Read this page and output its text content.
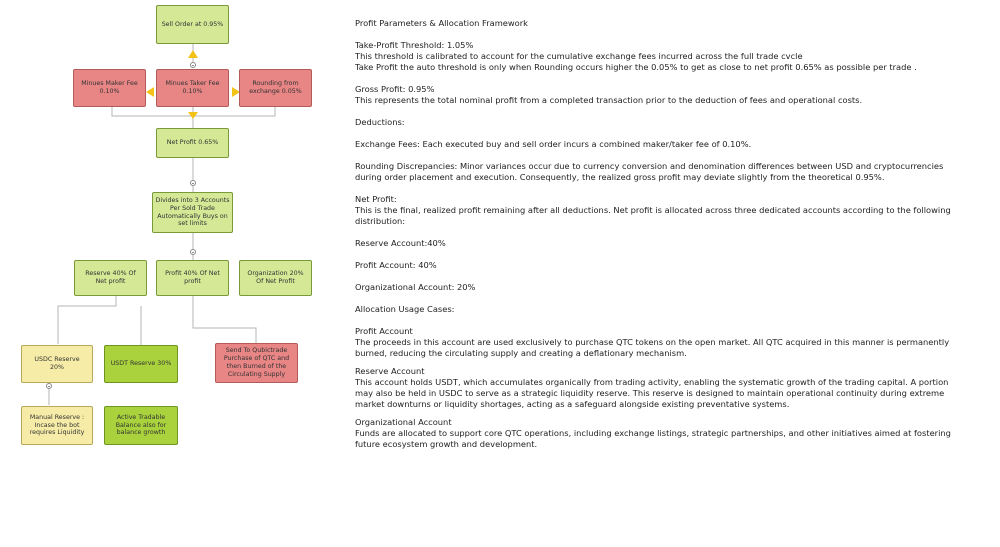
Sell Order at 0.95%
Minues Maker Fee
0.10%
Minues Taker Fee
0.10%
Rounding from
exchange 0.05%
Net Profit 0.65%
Divides into 3 Accounts
Per Sold Trade
Automatically Buys on
set limits
Reserve 40% Of
Net profit
Profit 40% Of Net
profit
Organization 20%
Of Net Profit
USDC Reserve
20%
USDT Reserve 30%
Send To Qubictrade
Purchase of QTC and
then Burned of the
Circulating Supply
Manual Reserve :
Incase the bot
requires Liquidity
Active Tradable
Balance also for
balance growth

Profit Parameters & Allocation Framework

Take-Profit Threshold: 1.05%

This threshold is calibrated to account for the cumulative exchange fees incurred across the full trade cvcle

Take Profit the auto threshold is only when Rounding occurs higher the 0.05% to get as close to net profit 0.65% as possible per trade .

Gross Profit: 0.95%

This represents the total nominal profit from a completed transaction prior to the deduction of fees and operational costs.

Deductions:

Exchange Fees: Each executed buy and sell order incurs a combined maker/taker fee of 0.10%.

Rounding Discrepancies: Minor variances occur due to currency conversion and denomination differences between USD and cryptocurrencies

during order placement and execution. Consequently, the realized gross profit may deviate slightly from the theoretical 0.95%.

Net Profit:

This is the final, realized profit remaining after all deductions. Net profit is allocated across three dedicated accounts according to the following

distribution:

Reserve Account:40%

Profit Account: 40%

Organizational Account: 20%

Allocation Usage Cases:

Profit Account

The proceeds in this account are used exclusively to purchase QTC tokens on the open market. All QTC acquired in this manner is permanently

burned, reducing the circulating supply and creating a deflationary mechanism.

Reserve Account

This account holds USDT, which accumulates organically from trading activity, enabling the systematic growth of the trading capital. A portion

may also be held in USDC to serve as a strategic liquidity reserve. This reserve is designed to maintain operational continuity during extreme

market downturns or liquidity shortages, acting as a safeguard alongside existing preventative systems.

Organizational Account

Funds are allocated to support core QTC operations, including exchange listings, strategic partnerships, and other initiatives aimed at fostering

future ecosystem growth and development.
